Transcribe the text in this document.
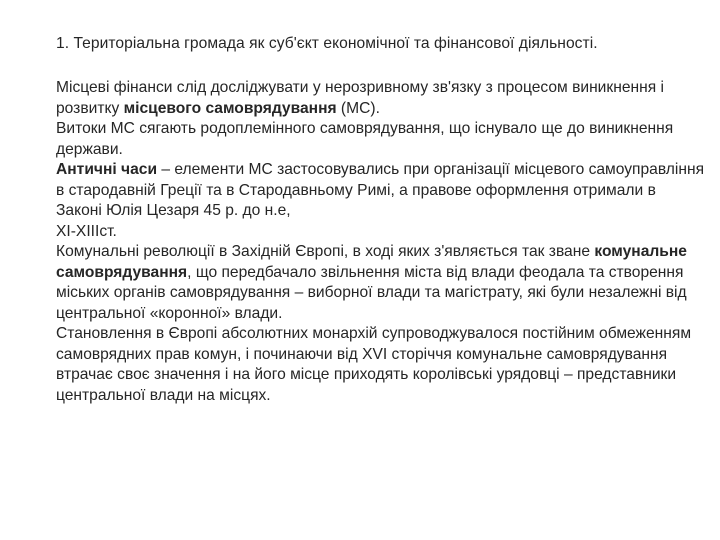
1. Територіальна громада як суб'єкт економічної та фінансової діяльності.

Місцеві фінанси слід досліджувати у нерозривному зв'язку з процесом виникнення і розвитку місцевого самоврядування (МС).

Витоки МС сягають родоплемінного самоврядування, що існувало ще до виникнення держави.

Античні часи – елементи МС застосовувались при організації місцевого самоуправління в стародавній Греції та в Стародавньому Римі, а правове оформлення отримали в Законі Юлія Цезаря 45 р. до н.е,

ХІ-ХІІІст.

Комунальні революції в Західній Європі, в ході яких з'являється так зване комунальне самоврядування, що передбачало звільнення міста від влади феодала та створення міських органів самоврядування – виборної влади та магістрату, які були незалежні від центральної «коронної» влади.

Становлення в Європі абсолютних монархій супроводжувалося постійним обмеженням самоврядних прав комун, і починаючи від ХVI сторіччя комунальне самоврядування втрачає своє значення і на його місце приходять королівські урядовці – представники центральної влади на місцях.
